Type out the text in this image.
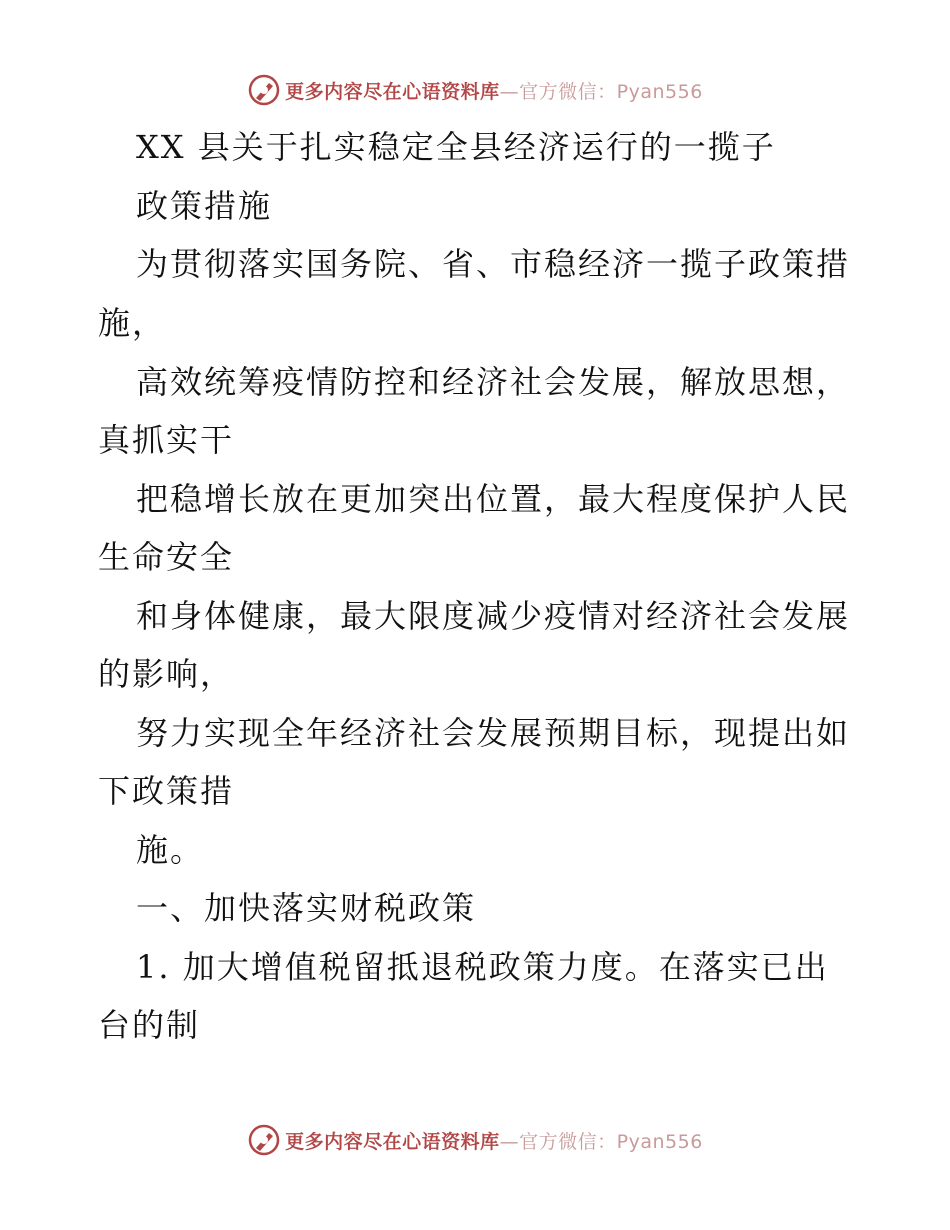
更多内容尽在心语资料库—官方微信：Pyan556
XX 县关于扎实稳定全县经济运行的一揽子
政策措施
为贯彻落实国务院、省、市稳经济一揽子政策措
施，
高效统筹疫情防控和经济社会发展，解放思想，
真抓实干
把稳增长放在更加突出位置，最大程度保护人民
生命安全
和身体健康，最大限度减少疫情对经济社会发展
的影响，
努力实现全年经济社会发展预期目标，现提出如
下政策措
施。
一、加快落实财税政策
1. 加大增值税留抵退税政策力度。在落实已出
台的制
更多内容尽在心语资料库—官方微信：Pyan556
